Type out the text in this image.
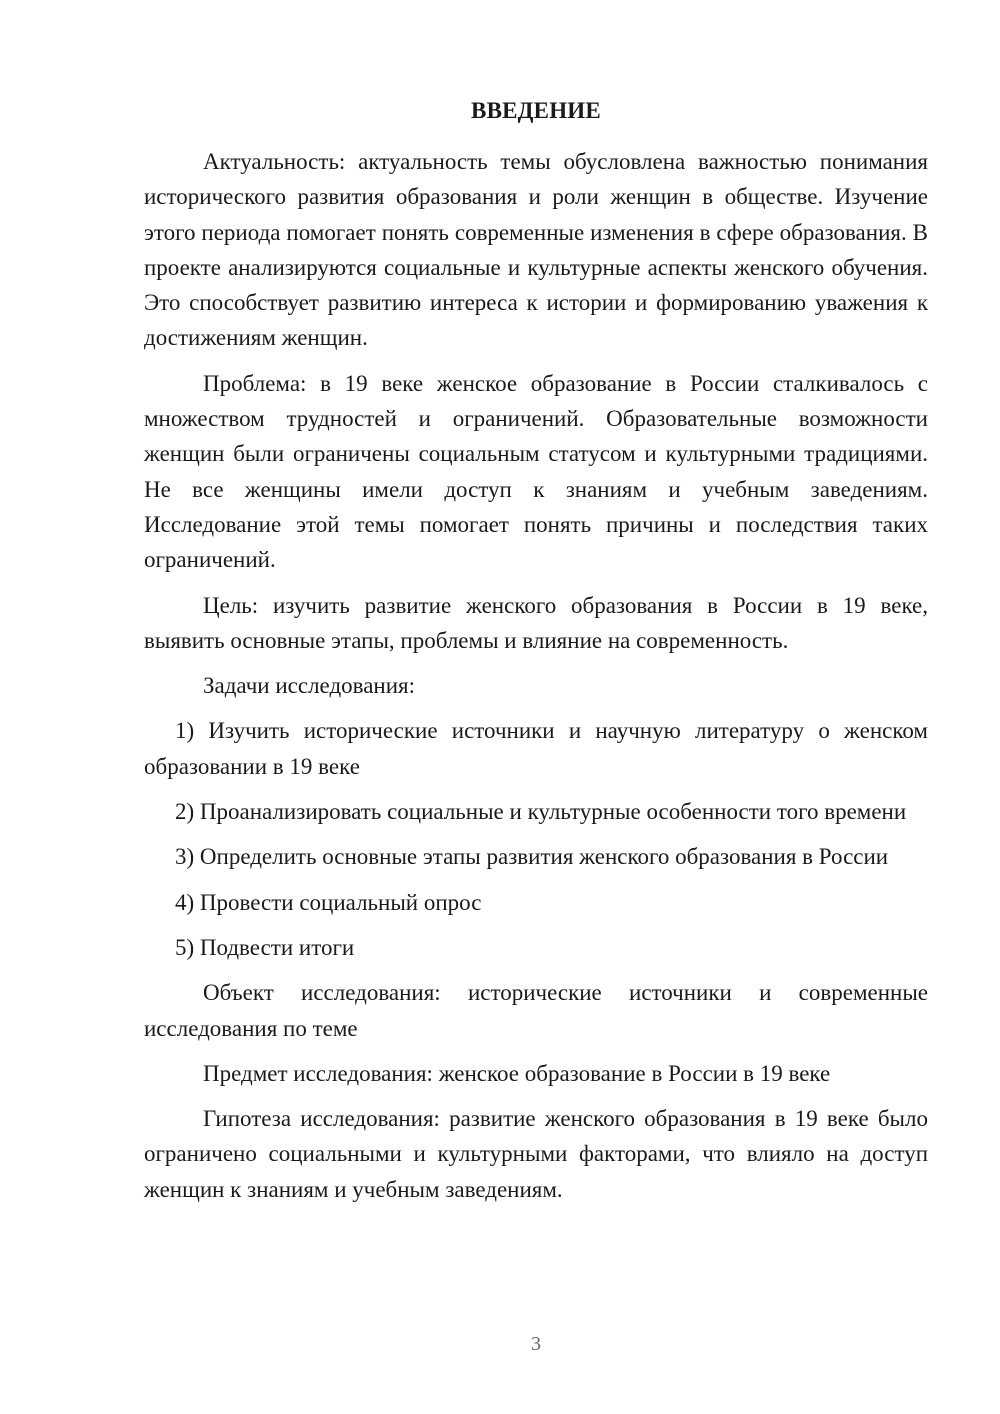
ВВЕДЕНИЕ

Актуальность: актуальность темы обусловлена важностью понимания исторического развития образования и роли женщин в обществе. Изучение этого периода помогает понять современные изменения в сфере образования. В проекте анализируются социальные и культурные аспекты женского обучения. Это способствует развитию интереса к истории и формированию уважения к достижениям женщин.

Проблема: в 19 веке женское образование в России сталкивалось с множеством трудностей и ограничений. Образовательные возможности женщин были ограничены социальным статусом и культурными традициями. Не все женщины имели доступ к знаниям и учебным заведениям. Исследование этой темы помогает понять причины и последствия таких ограничений.

Цель: изучить развитие женского образования в России в 19 веке, выявить основные этапы, проблемы и влияние на современность.

Задачи исследования:

1) Изучить исторические источники и научную литературу о женском образовании в 19 веке

2) Проанализировать социальные и культурные особенности того времени

3) Определить основные этапы развития женского образования в России

4) Провести социальный опрос

5) Подвести итоги

Объект исследования: исторические источники и современные исследования по теме

Предмет исследования: женское образование в России в 19 веке

Гипотеза исследования: развитие женского образования в 19 веке было ограничено социальными и культурными факторами, что влияло на доступ женщин к знаниям и учебным заведениям.

3
